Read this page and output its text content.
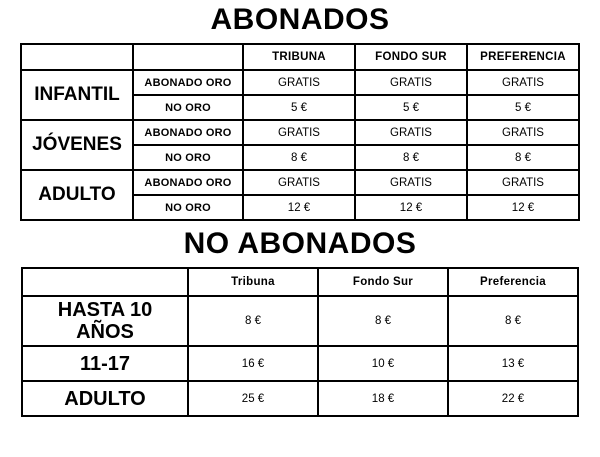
ABONADOS
		TRIBUNA	FONDO SUR	PREFERENCIA
INFANTIL	ABONADO ORO	GRATIS	GRATIS	GRATIS
	NO ORO	5 €	5 €	5 €
JÓVENES	ABONADO ORO	GRATIS	GRATIS	GRATIS
	NO ORO	8 €	8 €	8 €
ADULTO	ABONADO ORO	GRATIS	GRATIS	GRATIS
	NO ORO	12 €	12 €	12 €
NO ABONADOS
	Tribuna	Fondo Sur	Preferencia

HASTA 10
AÑOS	8 €	8 €	8 €
11-17	16 €	10 €	13 €
ADULTO	25 €	18 €	22 €
